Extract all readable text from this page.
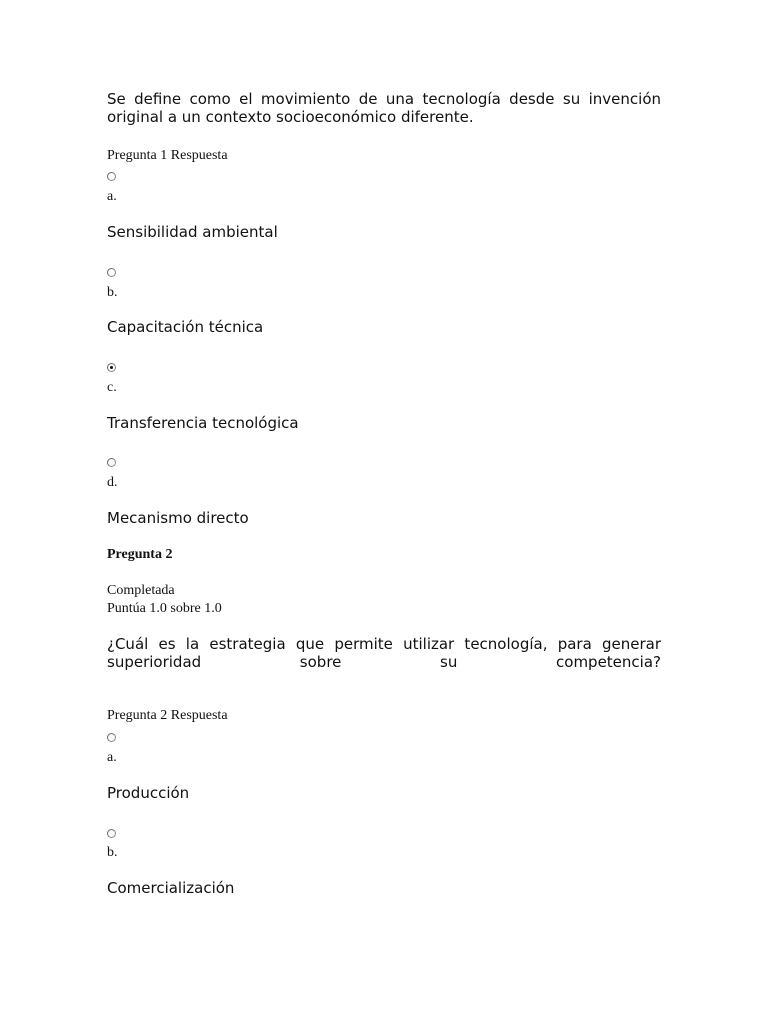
Se define como el movimiento de una tecnología desde su invención original a un contexto socioeconómico diferente.
Pregunta 1 Respuesta
a.
Sensibilidad ambiental
b.
Capacitación técnica
c.
Transferencia tecnológica
d.
Mecanismo directo
Pregunta 2
Completada
Puntúa 1.0 sobre 1.0
¿Cuál es la estrategia que permite utilizar tecnología, para generar
superioridad sobre su competencia?
Pregunta 2 Respuesta
a.
Producción
b.
Comercialización
